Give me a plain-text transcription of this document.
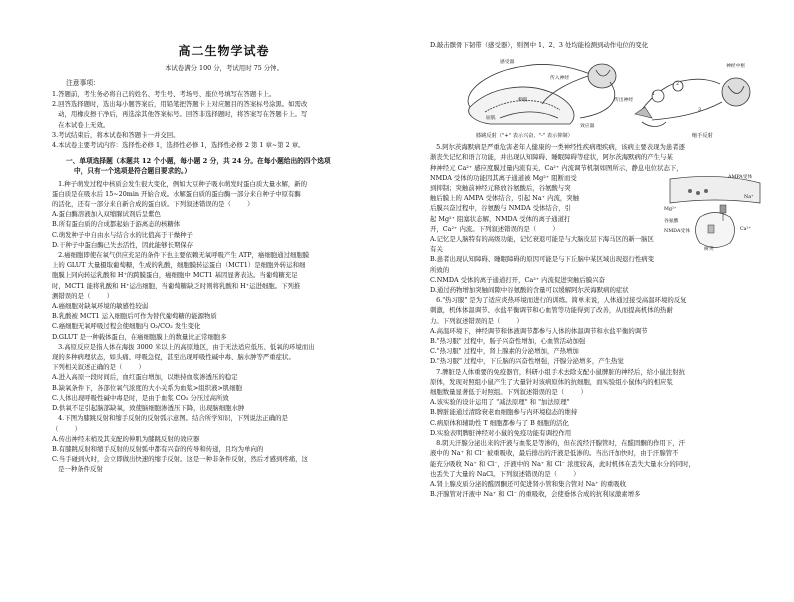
高二生物学试卷
本试卷满分 100 分，考试用时 75 分钟。
注意事项：

1.答题前，考生务必将自己的姓名、考生号、考场号、座位号填写在答题卡上。

2.回答选择题时，选出每小题答案后，用铅笔把答题卡上对应题目的答案标号涂黑。如需改

动，用橡皮擦干净后，再选涂其他答案标号。回答非选择题时，将答案写在答题卡上。写

在本试卷上无效。

3.考试结束后，将本试卷和答题卡一并交回。

4.本试卷主要考试内容：选择性必修 1，选择性必修 1，选择性必修 2 第 1 章~第 2 章。

一、单项选择题（本题共 12 个小题，每小题 2 分，共 24 分。在每小题给出的四个选项
中，只有一个选项是符合题目要求的。）

1.种子萌发过程中核质会发生很大变化，例如大豆种子吸水萌发时蛋白质大量水解，新的

蛋白质是在吸水后 15~20min 开始合成。水解蛋白质的蛋白酶一部分来自种子中原有酶

的活化，还有一部分来自新合成的蛋白质。下列叙述错误的是（        ）

A.蛋白酶溶液加入双缩脲试剂后呈紫色

B.所有蛋白质的合成都起始于游离态的核糖体

C.萌发种子中自由水与结合水的比值高于干燥种子

D.干种子中蛋白酶已失去活性，因此能够长期保存

2.癌细胞即使在氧气供应充足的条件下也主要依赖无氧呼吸产生 ATP，癌细胞通过细胞膜

上的 GLUT 大量摄取葡萄糖，生成的乳酸，细胞膜转运蛋白（MCT1）是细胞外转运和细

胞膜上同向转运乳酸和 H⁺的跨膜蛋白，癌细胞中 MCT1 基因显著表达。当葡萄糖充足

时，MCT1 能将乳酸和 H⁺运出细胞，当葡萄糖缺乏时则将乳酸和 H⁺运进细胞。下列推

测错误的是（        ）

A.癌细胞对缺氧环境的敏感性较弱

B.乳酸被 MCT1 运入细胞后可作为替代葡萄糖的能源物质

C.癌细胞无氧呼吸过程会使细胞内 O₂/CO₂ 发生变化

D.GLUT 是一种载体蛋白，在癌细胞膜上的数量比正常细胞多

3.高原反应是指人体在海拔 3000 米以上的高原地区，由于无法适应低压、低氧的环境而出

现的多种病理状态，如头痛、呼吸急促，甚至出现呼吸性碱中毒、脑水肿等严重症状。

下列相关叙述正确的是（        ）

A.进入高原一段时间后，血红蛋白增加，以维持血浆渗透压的稳定

B.缺氧条件下，各部位氧气浓度的大小关系为血浆>组织液>肌细胞

C.人体出现呼吸性碱中毒是时，是由于血浆 CO₂ 分压过高所致

D.供氧不足引起脑部缺氧，致使脑细胞渗透压下降，出现脑细胞水肿

4.下图为膝跳反射和缩手反射的反射弧示意图。结合所学知识，下列说法正确的是

（        ）

A.传出神经末梢及其支配的伸肌为膝跳反射的效应器

B.有膝跳反射和缩手反射的反射弧中都有兴奋的传导和传递，且均为单向的

C.当手碰到火时，会立即做出快速的缩手反射。这是一种非条件反射，然后才感到疼痛，这

是一种条件反射

D.敲击髌骨下韧带（感受器），则图中 1、2、3 处均能检测到动作电位的变化

感受器
传入神经
伸肌
屈肌
效应器
传出神经
1
2
3
神经中枢
膝跳反射（"+" 表示兴奋，"-" 表示抑制）	缩手反射

5.阿尔茨海默病是严重危害老年人健康的一类神经性疾病理疾病，该病主要表现为患者逐

渐丧失记忆和语言功能，并出现认知障碍、睡眠障碍等症状，阿尔茨海默病的产生与某

种神经元 Ca²⁺ 感应度膜过量内流有关，Ca²⁺ 内流调节机制如图所示，静息电位状态下，

AMPA受体
Na⁺
Mg²⁺
谷氨酸
NMDA受体	Ca²⁺
树突

NMDA 受体的功能因其离子通道被 Mg²⁺ 阻断而受

到抑制；突触前神经元释放谷氨酸后，谷氨酸与突

触后膜上的 AMPA 受体结合，引起 Na⁺ 内流，突触

后膜兴奋过程中，谷氨酸与 NMDA 受体结合，引

起 Mg²⁺ 阻塞状态解，NMDA 受体的离子通道打

开，Ca²⁺ 内流。下列叙述错误的是（        ）

A.记忆是人脑特有的高级功能，记忆衰退可能是与大脑皮层下海马区的新一脑区有关

B.患者出现认知障碍、睡眠障碍的原因可能是与下丘脑中某区域出现退行性病变所致的

C.NMDA 受体的离子通道打开，Ca²⁺ 内流促进突触后膜兴奋

D.通过药物增加突触间隙中谷氨酸的含量可以缓解阿尔茨海默病的症状

6."热习服" 是为了适应炎热环境而进行的训练。简单来说，人体通过接受高温环境的反复

刺激，机体体温调节、水盐平衡调节和心血管等功能得到了改善，从而提高机体的热耐

力。下列叙述错误的是（        ）

A.高温环境下，神经调节和体液调节都参与人体的体温调节和水盐平衡的调节

B."热习服" 过程中，肠子兴奋性增加，心血管活动加强

C."热习服" 过程中，肾上腺素的分泌增加，产热增加

D."热习服" 过程中，下丘脑的兴奋性增强，汗腺分泌增多，产生热觉

7.脾脏是人体重要的免疫器官，科研小组手术去除支配小鼠脾脏的神经后，给小鼠注射抗

原体，发现对照组小鼠产生了大量针对该病原体的抗细胞，而实验组小鼠体内的相应浆

细胞数量显著低于对照组。下列叙述错误的是（        ）

A.该实验的设计运用了 "减法原理" 和 "加法原理"

B.脾脏能通过清除衰老血细胞参与内环境稳态的维持

C.病原体和辅助性 T 细胞都参与了 B 细胞的活化

D.实验表明脾脏神经对小鼠的免疫功能有调控作用

8.阴天汗腺分泌出来的汗液与血浆是等渗的，但在流经汗腺管时，在醛固酮的作用下，汗

液中的 Na⁺ 和 Cl⁻ 被重吸收，最后排出的汗液是低渗的。当出汗加快时，由于汗腺管不

能充分吸收 Na⁺ 和 Cl⁻，汗液中的 Na⁺ 和 Cl⁻ 浓度较高，此时机体在丢失大量水分的同时，

也丢失了大量的 NaCl。下列叙述错误的是（        ）

A.肾上腺皮质分泌的醛固酮还可促进肾小管和集合管对 Na⁺ 的重吸收

B.汗腺管对汗液中 Na⁺ 和 Cl⁻ 的重吸收，会使垂体合成的抗利尿激素增多
